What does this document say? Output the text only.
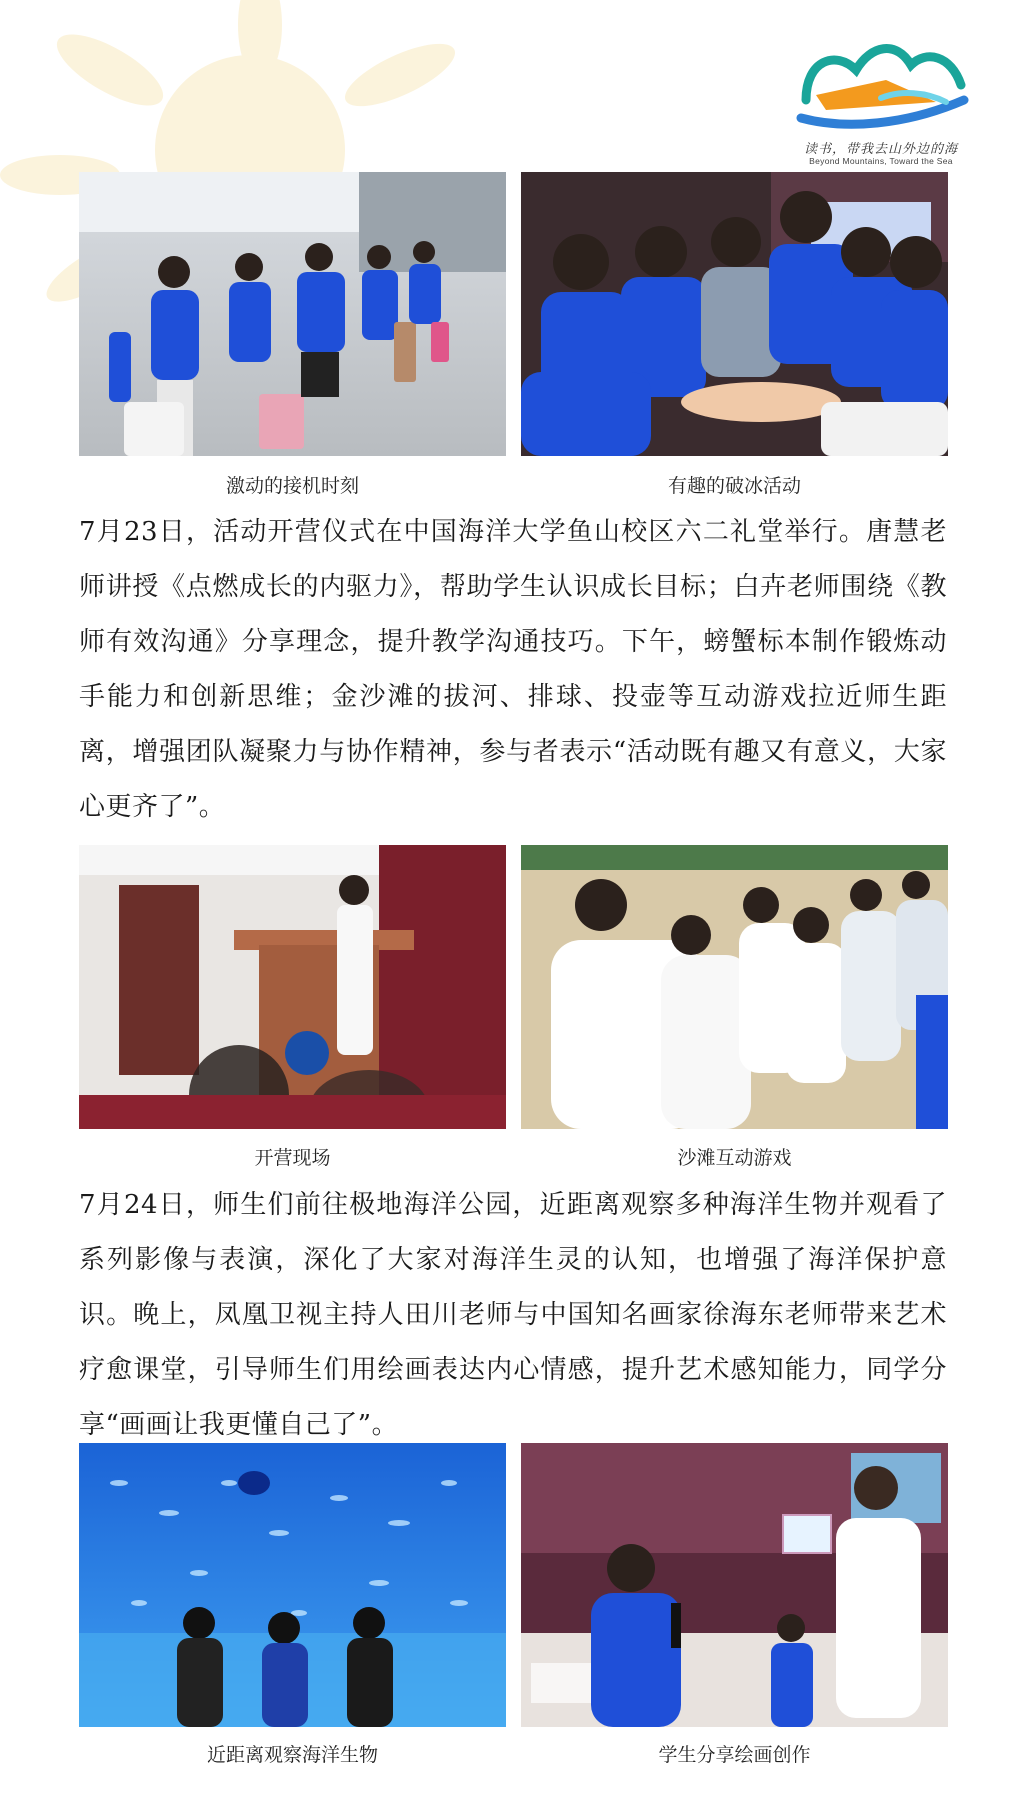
读书，带我去山外边的海
Beyond Mountains, Toward the Sea
激动的接机时刻	有趣的破冰活动
7月23日，活动开营仪式在中国海洋大学鱼山校区六二礼堂举行。唐慧老师讲授《点燃成长的内驱力》，帮助学生认识成长目标；白卉老师围绕《教师有效沟通》分享理念，提升教学沟通技巧。下午，螃蟹标本制作锻炼动手能力和创新思维；金沙滩的拔河、排球、投壶等互动游戏拉近师生距离，增强团队凝聚力与协作精神，参与者表示“活动既有趣又有意义，大家心更齐了”。
开营现场	沙滩互动游戏
7月24日，师生们前往极地海洋公园，近距离观察多种海洋生物并观看了系列影像与表演，深化了大家对海洋生灵的认知，也增强了海洋保护意识。晚上，凤凰卫视主持人田川老师与中国知名画家徐海东老师带来艺术疗愈课堂，引导师生们用绘画表达内心情感，提升艺术感知能力，同学分享“画画让我更懂自己了”。
近距离观察海洋生物	学生分享绘画创作
